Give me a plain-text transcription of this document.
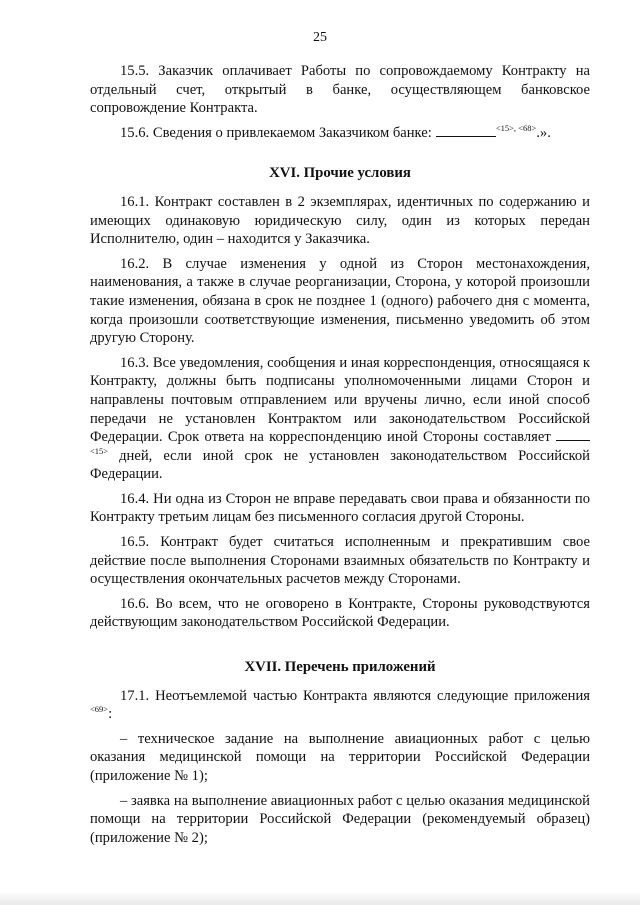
25

15.5. Заказчик оплачивает Работы по сопровождаемому Контракту на отдельный счет, открытый в банке, осуществляющем банковское сопровождение Контракта.

15.6. Сведения о привлекаемом Заказчиком банке:	$^{<15>, <68>}$.».

XVI. Прочие условия

16.1. Контракт составлен в 2 экземплярах, идентичных по содержанию и имеющих одинаковую юридическую силу, один из которых передан Исполнителю, один – находится у Заказчика.

16.2. В случае изменения у одной из Сторон местонахождения, наименования, а также в случае реорганизации, Сторона, у которой произошли такие изменения, обязана в срок не позднее 1 (одного) рабочего дня с момента, когда произошли соответствующие изменения, письменно уведомить об этом другую Сторону.

16.3. Все уведомления, сообщения и иная корреспонденция, относящаяся к Контракту, должны быть подписаны уполномоченными лицами Сторон и направлены почтовым отправлением или вручены лично, если иной способ передачи не установлен Контрактом или законодательством Российской Федерации. Срок ответа на корреспонденцию иной Стороны составляет $^{<15>}$ дней, если иной срок не установлен законодательством Российской Федерации.

16.4. Ни одна из Сторон не вправе передавать свои права и обязанности по Контракту третьим лицам без письменного согласия другой Стороны.

16.5. Контракт будет считаться исполненным и прекратившим свое действие после выполнения Сторонами взаимных обязательств по Контракту и осуществления окончательных расчетов между Сторонами.

16.6. Во всем, что не оговорено в Контракте, Стороны руководствуются действующим законодательством Российской Федерации.

XVII. Перечень приложений

17.1. Неотъемлемой частью Контракта являются следующие приложения $^{<69>}$:

– техническое задание на выполнение авиационных работ с целью оказания медицинской помощи на территории Российской Федерации (приложение № 1);

– заявка на выполнение авиационных работ с целью оказания медицинской помощи на территории Российской Федерации (рекомендуемый образец) (приложение № 2);
